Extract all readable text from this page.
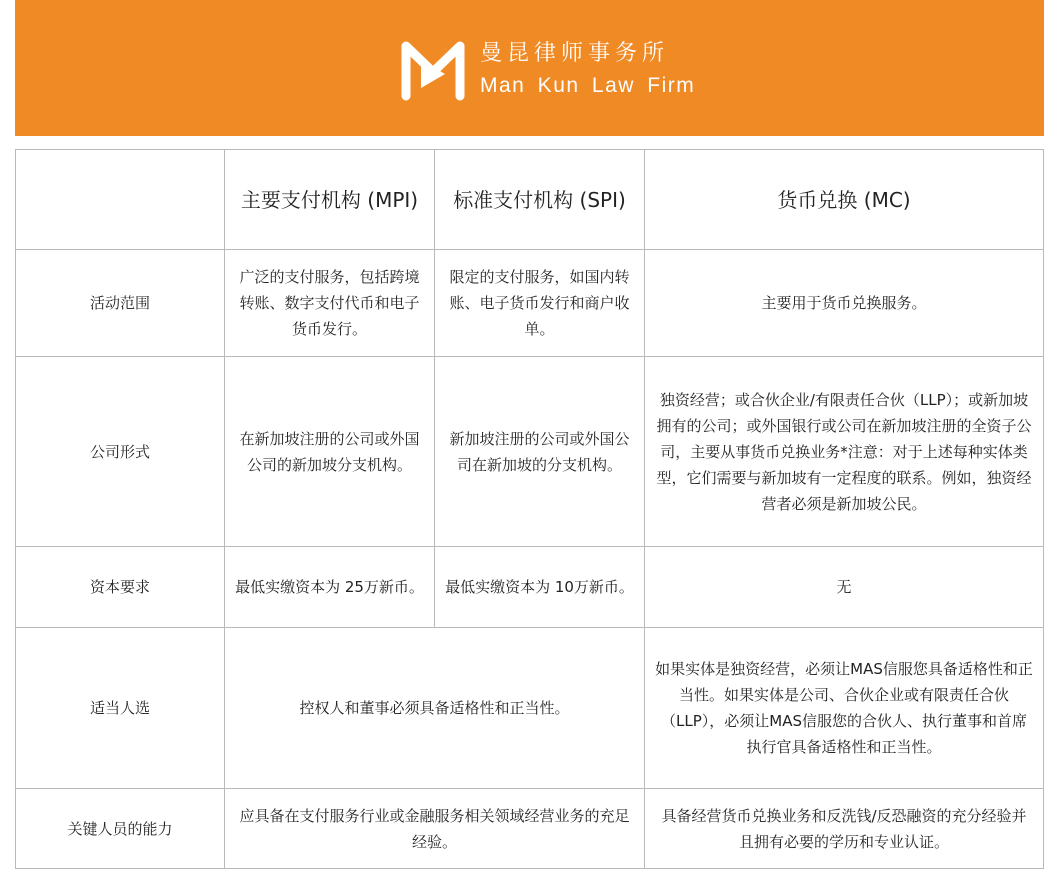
曼昆律师事务所
Man Kun Law Firm

	主要支付机构 (MPI)	标准支付机构 (SPI)	货币兑换 (MC)

活动范围	广泛的支付服务，包括跨境转账、数字支付代币和电子货币发行。	限定的支付服务，如国内转账、电子货币发行和商户收单。	主要用于货币兑换服务。
公司形式	在新加坡注册的公司或外国公司的新加坡分支机构。	新加坡注册的公司或外国公司在新加坡的分支机构。	独资经营；或合伙企业/有限责任合伙（LLP）；或新加坡拥有的公司；或外国银行或公司在新加坡注册的全资子公司，主要从事货币兑换业务*注意：对于上述每种实体类型，它们需要与新加坡有一定程度的联系。例如，独资经营者必须是新加坡公民。
资本要求	最低实缴资本为 25万新币。	最低实缴资本为 10万新币。	无
适当人选	控权人和董事必须具备适格性和正当性。		如果实体是独资经营，必须让MAS信服您具备适格性和正当性。如果实体是公司、合伙企业或有限责任合伙（LLP），必须让MAS信服您的合伙人、执行董事和首席执行官具备适格性和正当性。
关键人员的能力	应具备在支付服务行业或金融服务相关领域经营业务的充足经验。		具备经营货币兑换业务和反洗钱/反恐融资的充分经验并且拥有必要的学历和专业认证。
